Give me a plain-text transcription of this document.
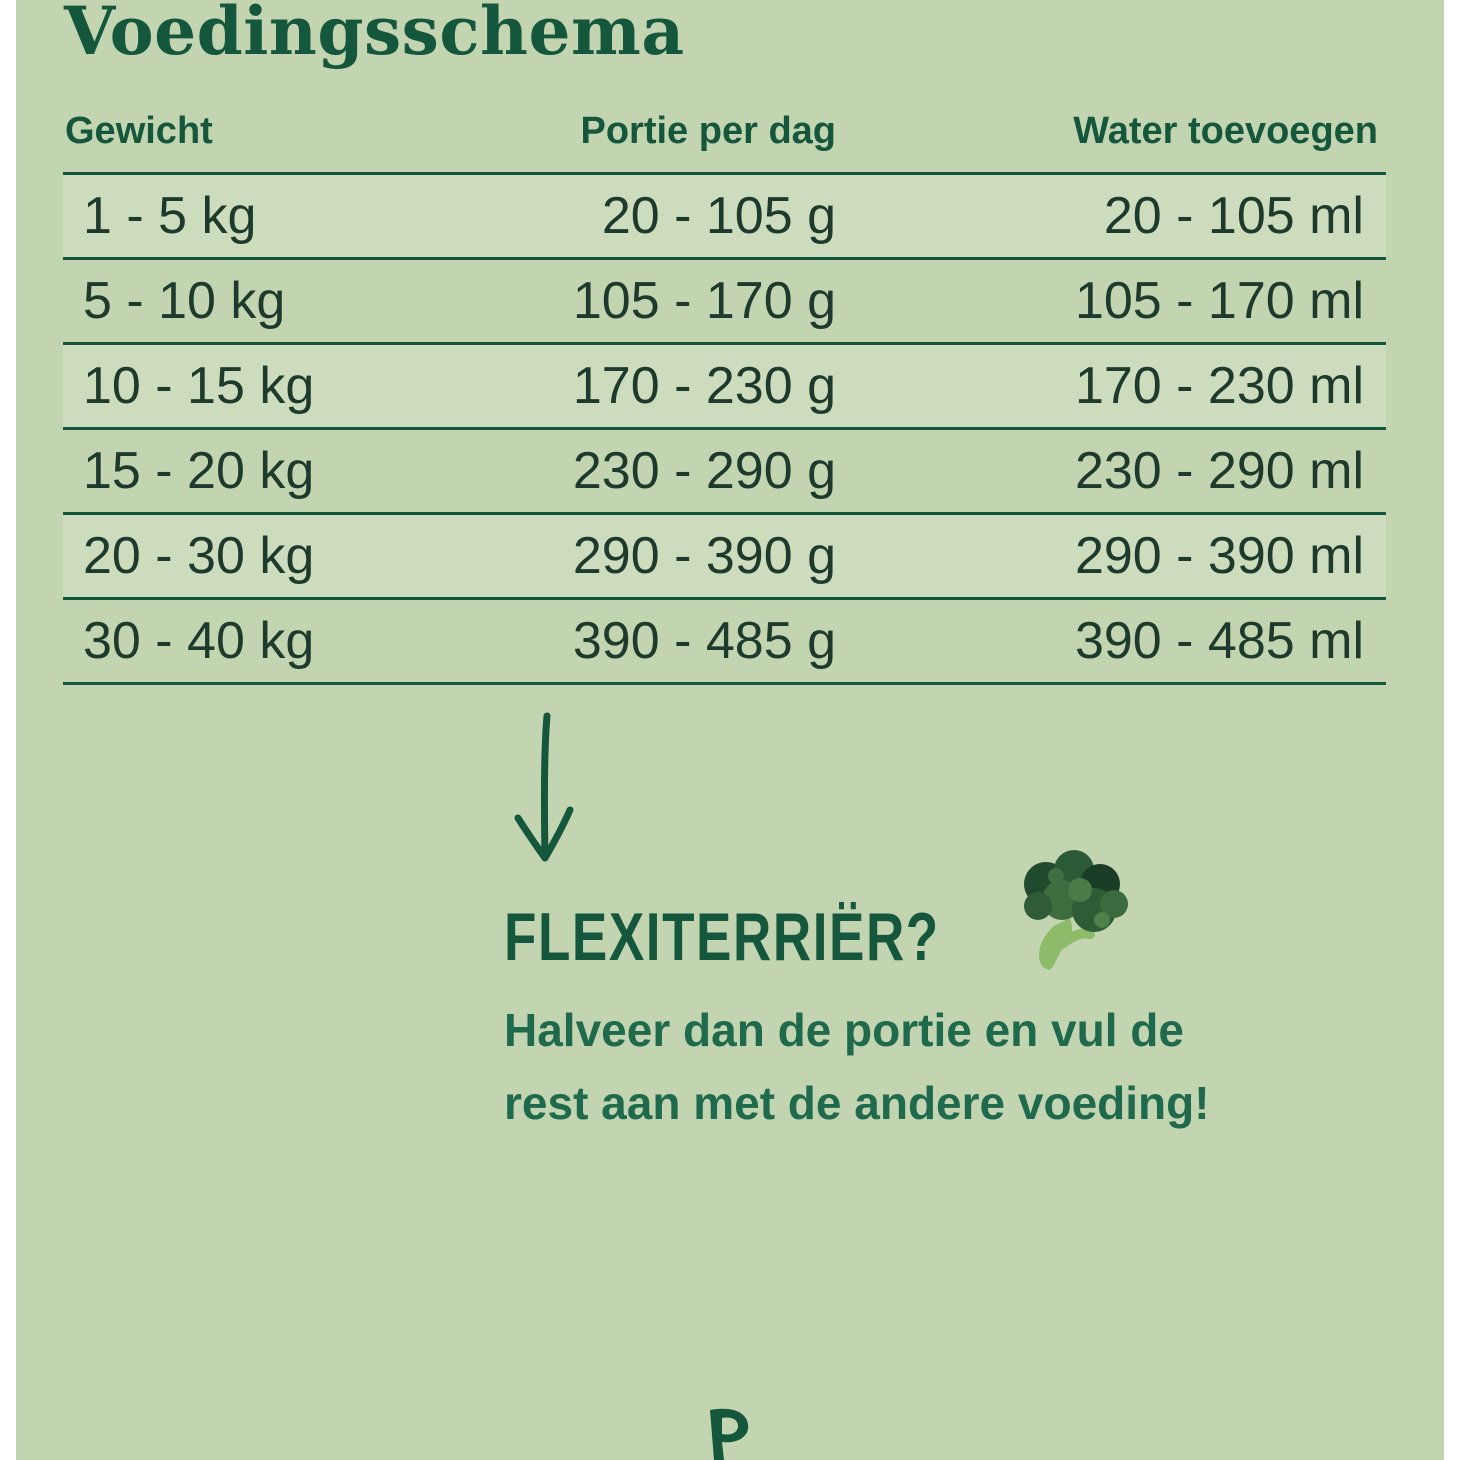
Voedingsschema
Gewicht	Portie per dag	Water toevoegen
1 - 5 kg	20 - 105 g	20 - 105 ml
5 - 10 kg	105 - 170 g	105 - 170 ml
10 - 15 kg	170 - 230 g	170 - 230 ml
15 - 20 kg	230 - 290 g	230 - 290 ml
20 - 30 kg	290 - 390 g	290 - 390 ml
30 - 40 kg	390 - 485 g	390 - 485 ml
FLEXITERRIËR?
Halveer dan de portie en vul de
rest aan met de andere voeding!
